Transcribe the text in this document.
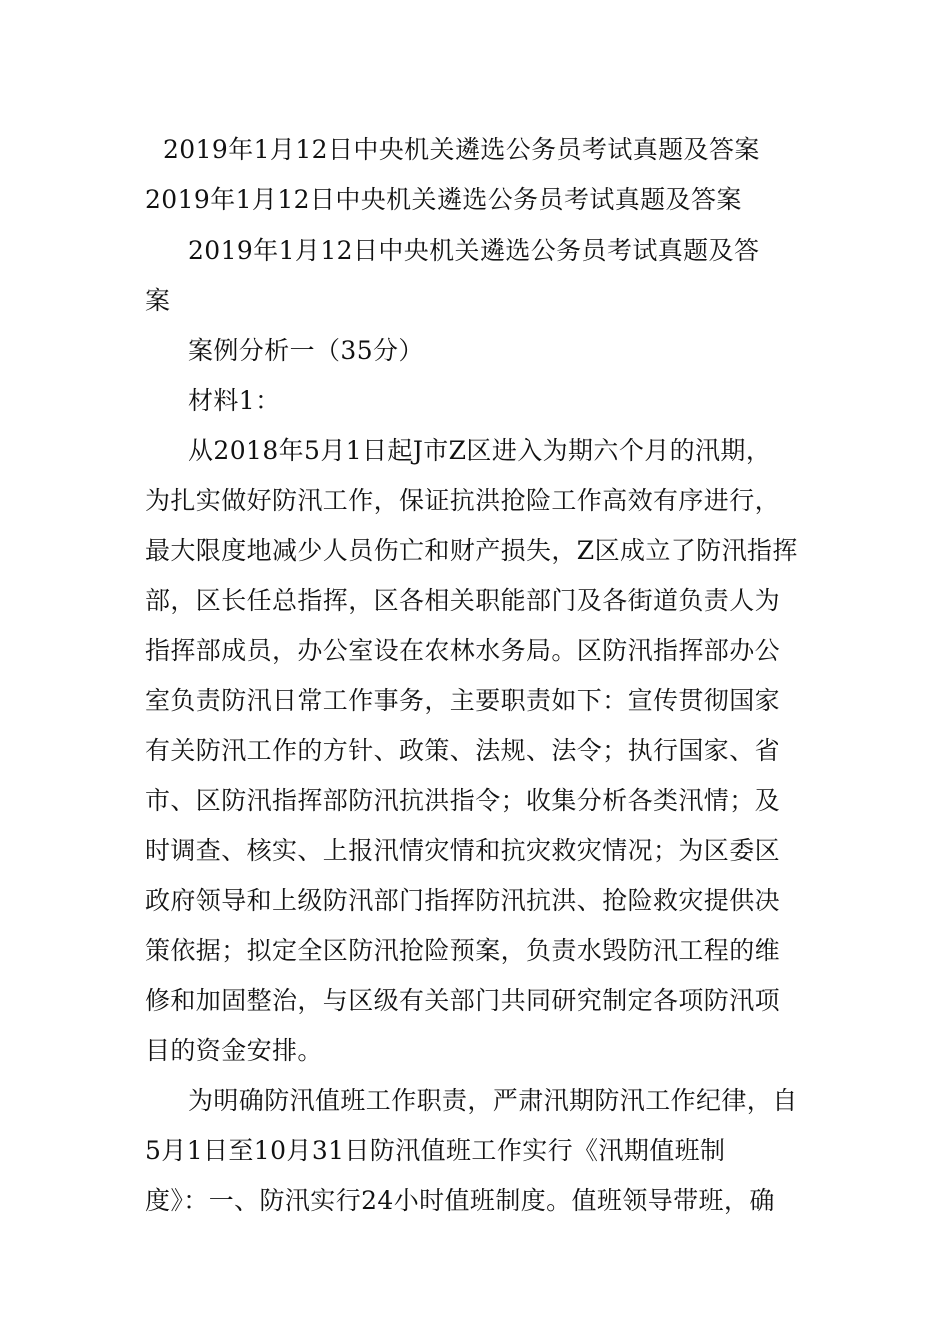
2019年1月12日中央机关遴选公务员考试真题及答案
2019年1月12日中央机关遴选公务员考试真题及答案
2019年1月12日中央机关遴选公务员考试真题及答
案
案例分析一（35分）
材料1：
从2018年5月1日起J市Z区进入为期六个月的汛期，
为扎实做好防汛工作，保证抗洪抢险工作高效有序进行，
最大限度地减少人员伤亡和财产损失，Z区成立了防汛指挥
部，区长任总指挥，区各相关职能部门及各街道负责人为
指挥部成员，办公室设在农林水务局。区防汛指挥部办公
室负责防汛日常工作事务，主要职责如下：宣传贯彻国家
有关防汛工作的方针、政策、法规、法令；执行国家、省
市、区防汛指挥部防汛抗洪指令；收集分析各类汛情；及
时调查、核实、上报汛情灾情和抗灾救灾情况；为区委区
政府领导和上级防汛部门指挥防汛抗洪、抢险救灾提供决
策依据；拟定全区防汛抢险预案，负责水毁防汛工程的维
修和加固整治，与区级有关部门共同研究制定各项防汛项
目的资金安排。
为明确防汛值班工作职责，严肃汛期防汛工作纪律，自
5月1日至10月31日防汛值班工作实行《汛期值班制
度》：一、防汛实行24小时值班制度。值班领导带班，确
